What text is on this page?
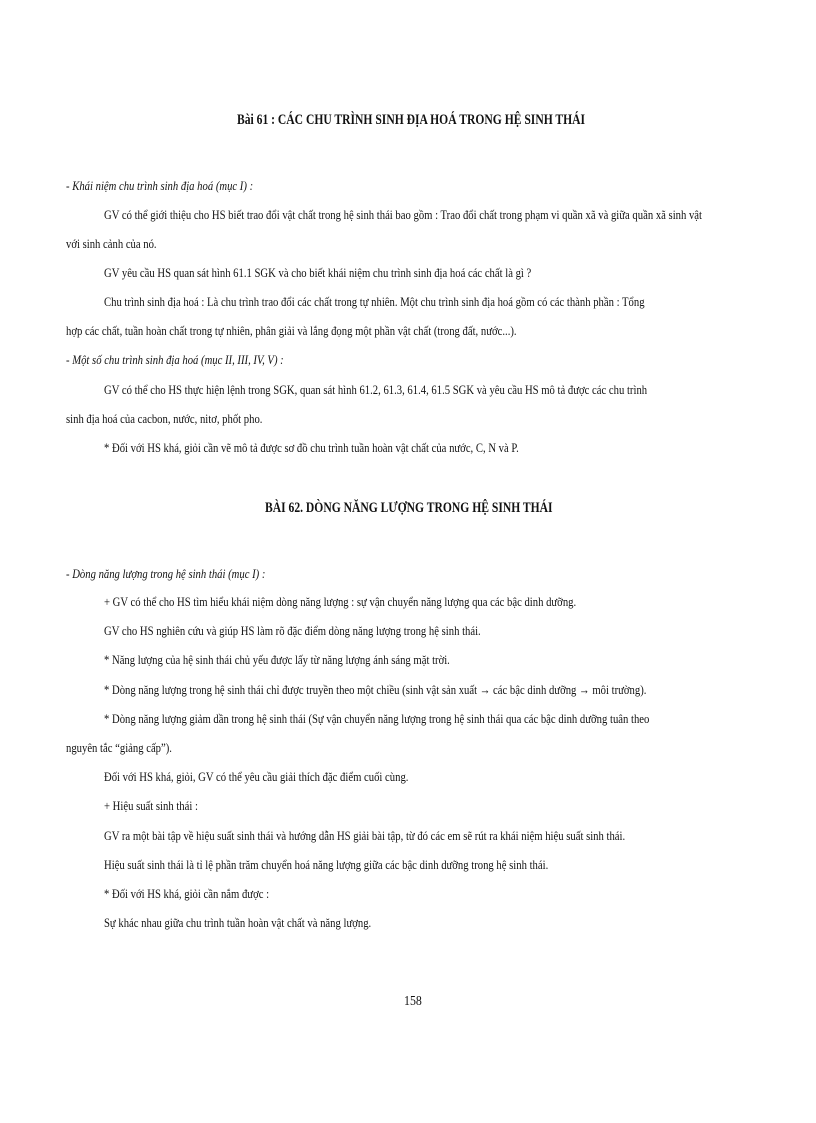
Bài 61 : CÁC CHU TRÌNH SINH ĐỊA HOÁ TRONG HỆ SINH THÁI
- Khái niệm chu trình sinh địa hoá (mục I) :
GV có thể giới thiệu cho HS biết trao đổi vật chất trong hệ sinh thái bao gồm : Trao đổi chất trong phạm vi quần xã và giữa quần xã sinh vật
với sinh cảnh của nó.
GV yêu cầu HS quan sát hình 61.1 SGK và cho biết khái niệm chu trình sinh địa hoá các chất là gì ?
Chu trình sinh địa hoá : Là chu trình trao đổi các chất trong tự nhiên. Một chu trình sinh địa hoá gồm có các thành phần : Tổng
hợp các chất, tuần hoàn chất trong tự nhiên, phân giải và lắng đọng một phần vật chất (trong đất, nước...).
- Một số chu trình sinh địa hoá (mục II, III, IV, V) :
GV có thể cho HS thực hiện lệnh trong SGK, quan sát hình 61.2, 61.3, 61.4, 61.5 SGK và yêu cầu HS mô tả được các chu trình
sinh địa hoá của cacbon, nước, nitơ, phốt pho.
* Đối với HS khá, giỏi cần vẽ mô tả được sơ đồ chu trình tuần hoàn vật chất của nước, C, N và P.
BÀI 62. DÒNG NĂNG LƯỢNG TRONG HỆ SINH THÁI
- Dòng năng lượng trong hệ sinh thái (mục I) :
+ GV có thể cho HS tìm hiểu khái niệm dòng năng lượng : sự vận chuyển năng lượng qua các bậc dinh dưỡng.
GV cho HS nghiên cứu và giúp HS làm rõ đặc điểm dòng năng lượng trong hệ sinh thái.
* Năng lượng của hệ sinh thái chủ yếu được lấy từ năng lượng ánh sáng mặt trời.
* Dòng năng lượng trong hệ sinh thái chỉ được truyền theo một chiều (sinh vật sản xuất → các bậc dinh dưỡng → môi trường).
* Dòng năng lượng giảm dần trong hệ sinh thái (Sự vận chuyển năng lượng trong hệ sinh thái qua các bậc dinh dưỡng tuân theo
nguyên tắc “giảng cấp”).
Đối với HS khá, giỏi, GV có thể yêu cầu giải thích đặc điểm cuối cùng.
+ Hiệu suất sinh thái :
GV ra một bài tập về hiệu suất sinh thái và hướng dẫn HS giải bài tập, từ đó các em sẽ rút ra khái niệm hiệu suất sinh thái.
Hiệu suất sinh thái là tỉ lệ phần trăm chuyển hoá năng lượng giữa các bậc dinh dưỡng trong hệ sinh thái.
* Đối với HS khá, giỏi cần nắm được :
Sự khác nhau giữa chu trình tuần hoàn vật chất và năng lượng.
158
